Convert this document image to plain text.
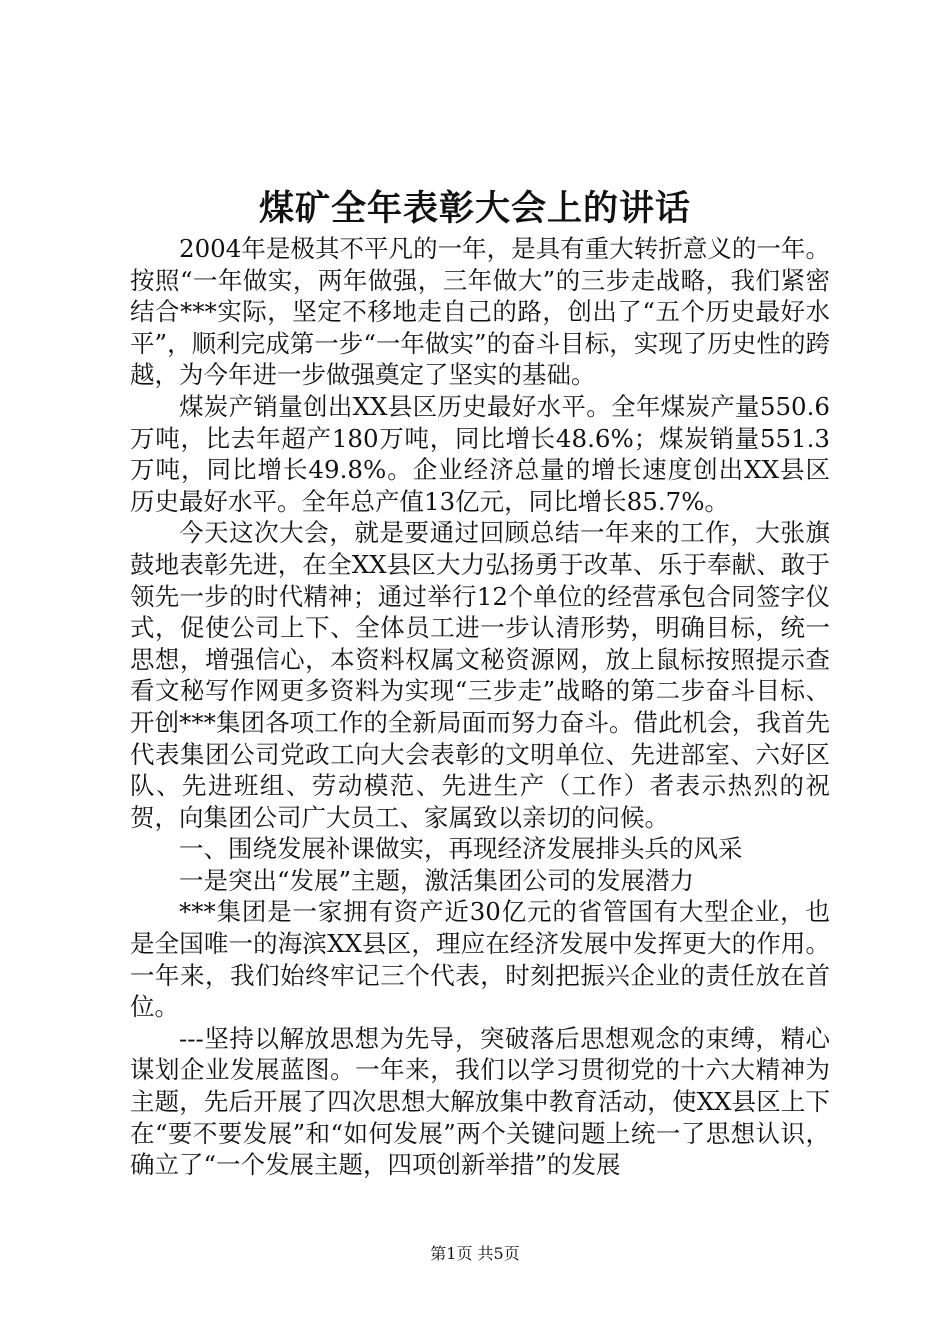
煤矿全年表彰大会上的讲话

2004年是极其不平凡的一年，是具有重大转折意义的一年。按照“一年做实，两年做强，三年做大”的三步走战略，我们紧密结合***实际，坚定不移地走自己的路，创出了“五个历史最好水平”，顺利完成第一步“一年做实”的奋斗目标，实现了历史性的跨越，为今年进一步做强奠定了坚实的基础。

煤炭产销量创出XX县区历史最好水平。全年煤炭产量550.6万吨，比去年超产180万吨，同比增长48.6%；煤炭销量551.3万吨，同比增长49.8%。企业经济总量的增长速度创出XX县区历史最好水平。全年总产值13亿元，同比增长85.7%。

今天这次大会，就是要通过回顾总结一年来的工作，大张旗鼓地表彰先进，在全XX县区大力弘扬勇于改革、乐于奉献、敢于领先一步的时代精神；通过举行12个单位的经营承包合同签字仪式，促使公司上下、全体员工进一步认清形势，明确目标，统一思想，增强信心，本资料权属文秘资源网，放上鼠标按照提示查看文秘写作网更多资料为实现“三步走”战略的第二步奋斗目标、开创***集团各项工作的全新局面而努力奋斗。借此机会，我首先代表集团公司党政工向大会表彰的文明单位、先进部室、六好区队、先进班组、劳动模范、先进生产（工作）者表示热烈的祝贺，向集团公司广大员工、家属致以亲切的问候。

一、围绕发展补课做实，再现经济发展排头兵的风采

一是突出“发展”主题，激活集团公司的发展潜力

***集团是一家拥有资产近30亿元的省管国有大型企业，也是全国唯一的海滨XX县区，理应在经济发展中发挥更大的作用。一年来，我们始终牢记三个代表，时刻把振兴企业的责任放在首位。

---坚持以解放思想为先导，突破落后思想观念的束缚，精心谋划企业发展蓝图。一年来，我们以学习贯彻党的十六大精神为主题，先后开展了四次思想大解放集中教育活动，使XX县区上下在“要不要发展”和“如何发展”两个关键问题上统一了思想认识，确立了“一个发展主题，四项创新举措”的发展

第1页 共5页
